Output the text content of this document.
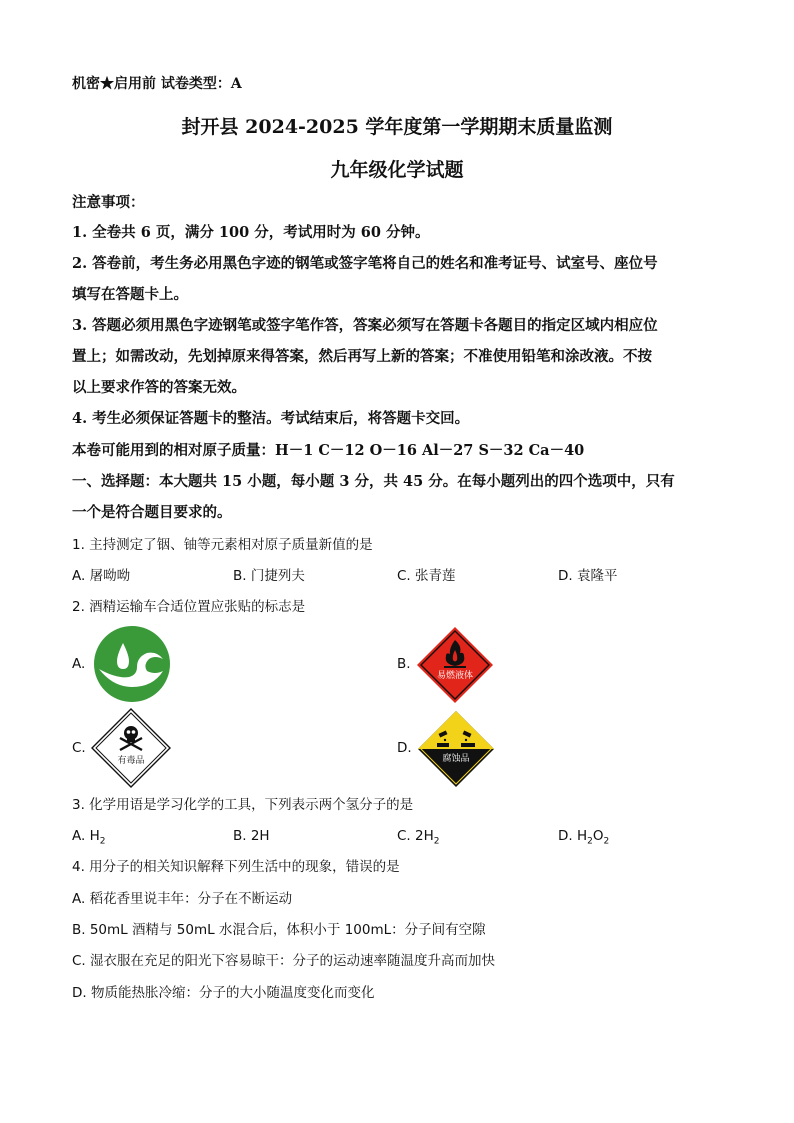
机密★启用前 试卷类型：A
封开县 2024-2025 学年度第一学期期末质量监测
九年级化学试题
注意事项：
1. 全卷共 6 页，满分 100 分，考试用时为 60 分钟。
2. 答卷前，考生务必用黑色字迹的钢笔或签字笔将自己的姓名和准考证号、试室号、座位号
填写在答题卡上。
3. 答题必须用黑色字迹钢笔或签字笔作答，答案必须写在答题卡各题目的指定区域内相应位
置上；如需改动，先划掉原来得答案，然后再写上新的答案；不准使用铅笔和涂改液。不按
以上要求作答的答案无效。
4. 考生必须保证答题卡的整洁。考试结束后，将答题卡交回。
本卷可能用到的相对原子质量：H－1 C－12 O－16 Al－27 S－32 Ca－40
一、选择题：本大题共 15 小题，每小题 3 分，共 45 分。在每小题列出的四个选项中，只有
一个是符合题目要求的。
1. 主持测定了铟、铀等元素相对原子质量新值的是
A. 屠呦呦	B. 门捷列夫	C. 张青莲	D. 袁隆平
2. 酒精运输车合适位置应张贴的标志是
A.	B.
易燃液体
C.
有毒品
D.
腐蚀品
3. 化学用语是学习化学的工具，下列表示两个氢分子的是
A. $H_2$	B. 2H	C. $2H_2$	D. $H_2O_2$
4. 用分子的相关知识解释下列生活中的现象，错误的是
A. 稻花香里说丰年：分子在不断运动
B. 50mL 酒精与 50mL 水混合后，体积小于 100mL：分子间有空隙
C. 湿衣服在充足的阳光下容易晾干：分子的运动速率随温度升高而加快
D. 物质能热胀冷缩：分子的大小随温度变化而变化
